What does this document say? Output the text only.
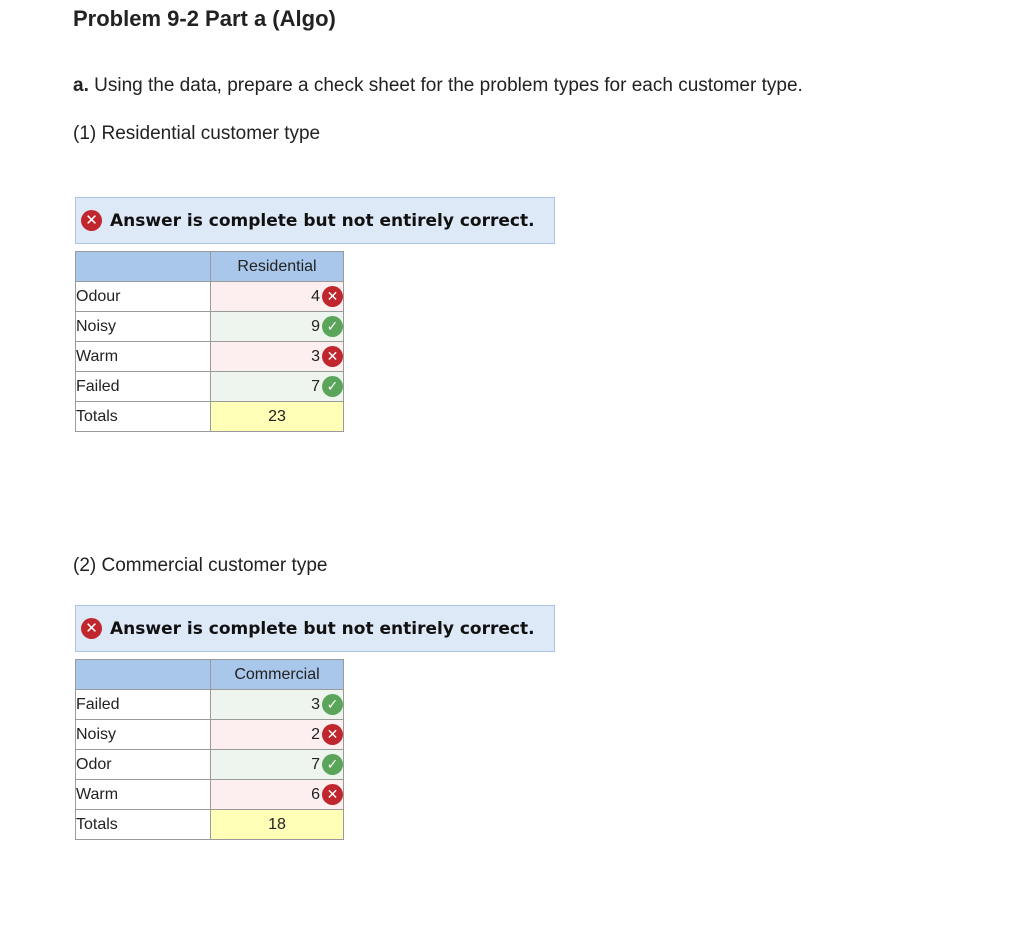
Problem 9-2 Part a (Algo)

a. Using the data, prepare a check sheet for the problem types for each customer type.

(1) Residential customer type

✕ Answer is complete but not entirely correct.
	Residential
Odour	4 ✕

Noisy	9 ✓

Warm	3 ✕

Failed	7 ✓

Totals	23

(2) Commercial customer type

✕ Answer is complete but not entirely correct.
	Commercial
Failed	3 ✓

Noisy	2 ✕

Odor	7 ✓

Warm	6 ✕

Totals	18
